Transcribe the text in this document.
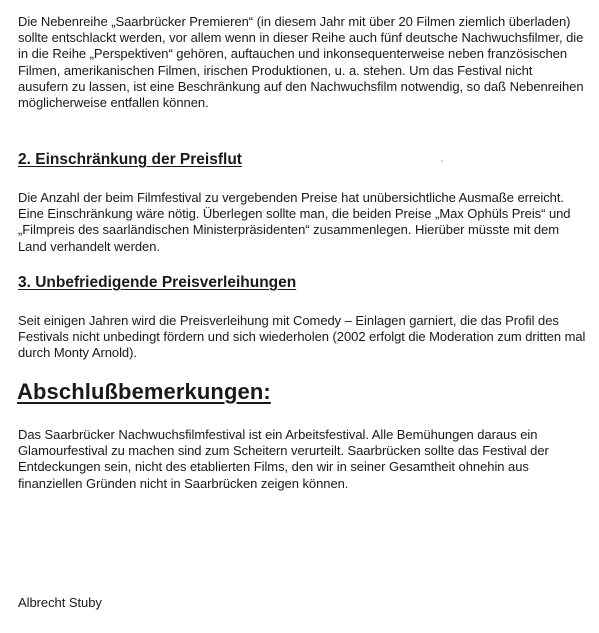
Die Nebenreihe „Saarbrücker Premieren“ (in diesem Jahr mit über 20 Filmen ziemlich überladen) sollte entschlackt werden, vor allem wenn in dieser Reihe auch fünf deutsche Nachwuchsfilmer, die in die Reihe „Perspektiven“ gehören, auftauchen und inkonsequenterweise neben französischen Filmen, amerikanischen Filmen, irischen Produktionen, u. a. stehen. Um das Festival nicht ausufern zu lassen, ist eine Beschränkung auf den Nachwuchsfilm notwendig, so daß Nebenreihen möglicherweise entfallen können.

2. Einschränkung der Preisflut

Die Anzahl der beim Filmfestival zu vergebenden Preise hat unübersichtliche Ausmaße erreicht. Eine Einschränkung wäre nötig. Überlegen sollte man, die beiden Preise „Max Ophüls Preis“ und „Filmpreis des saarländischen Ministerpräsidenten“ zusammenlegen. Hierüber müsste mit dem Land verhandelt werden.

3. Unbefriedigende Preisverleihungen

Seit einigen Jahren wird die Preisverleihung mit Comedy – Einlagen garniert, die das Profil des Festivals nicht unbedingt fördern und sich wiederholen (2002 erfolgt die Moderation zum dritten mal durch Monty Arnold).

Abschlußbemerkungen:

Das Saarbrücker Nachwuchsfilmfestival ist ein Arbeitsfestival. Alle Bemühungen daraus ein Glamourfestival zu machen sind zum Scheitern verurteilt. Saarbrücken sollte das Festival der Entdeckungen sein, nicht des etablierten Films, den wir in seiner Gesamtheit ohnehin aus finanziellen Gründen nicht in Saarbrücken zeigen können.

Albrecht Stuby
